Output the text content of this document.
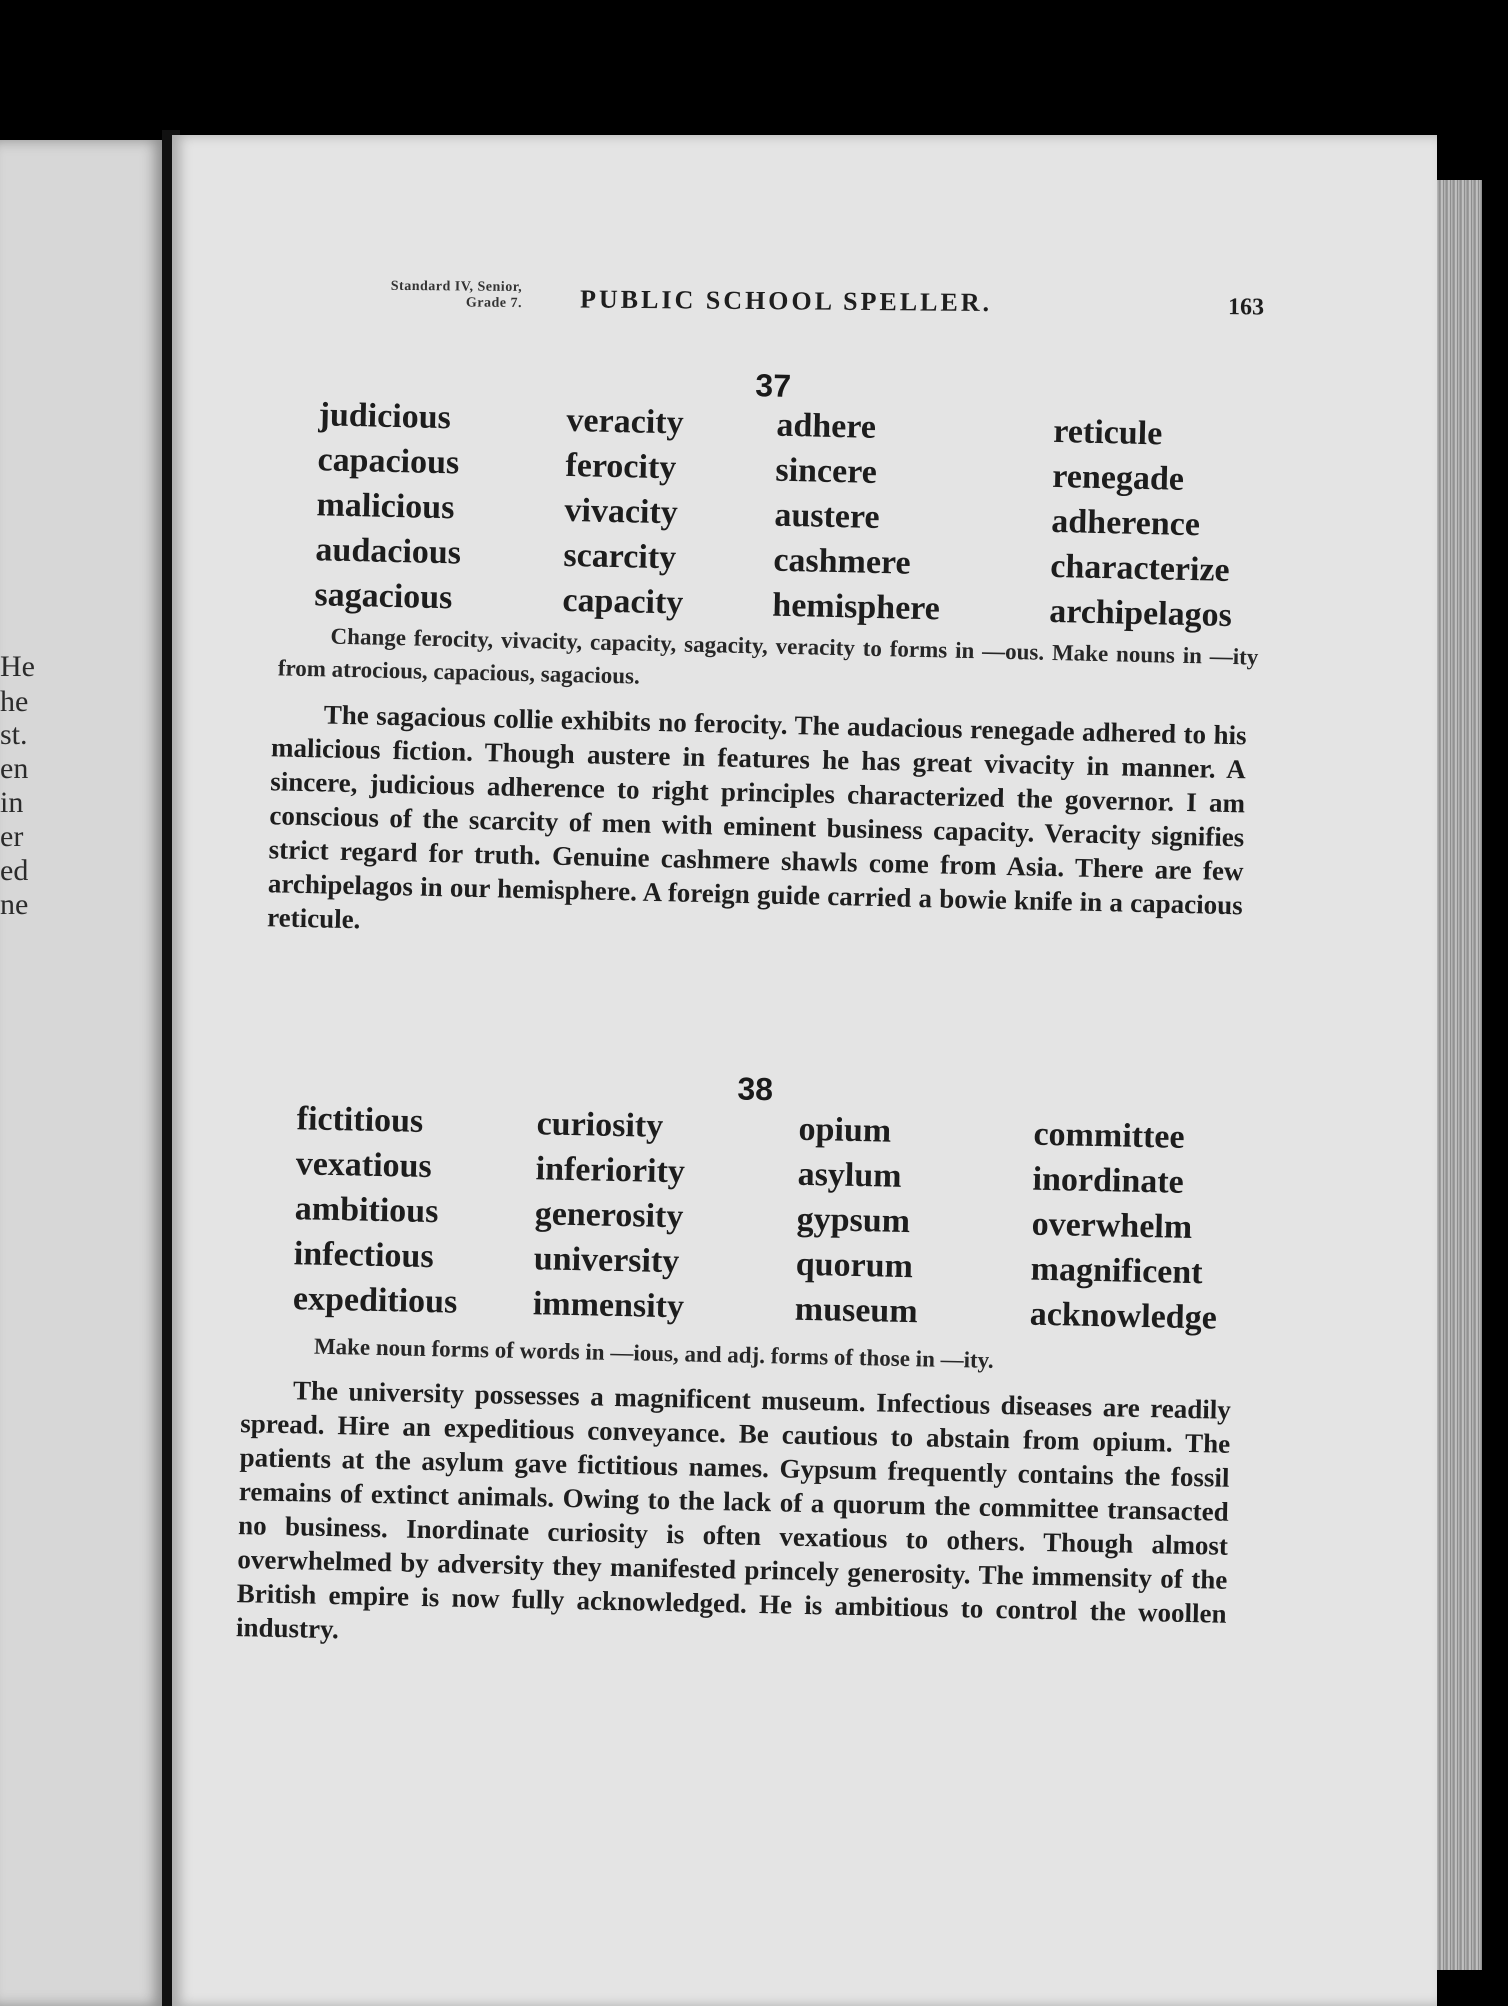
He
he
st.
en
in
er
ed
ne
Standard IV, Senior,
Grade 7. PUBLIC SCHOOL SPELLER.	163
37
judicious
capacious
malicious
audacious
sagacious
veracity
ferocity
vivacity
scarcity
capacity
adhere
sincere
austere
cashmere
hemisphere
reticule
renegade
adherence
characterize
archipelagos
Change ferocity, vivacity, capacity, sagacity, veracity to forms in —ous. Make nouns in —ity from atrocious, capacious, sagacious.
The sagacious collie exhibits no ferocity. The audacious renegade adhered to his malicious fiction. Though austere in features he has great vivacity in manner. A sincere, judicious adherence to right principles characterized the governor. I am conscious of the scarcity of men with eminent business capacity. Veracity signifies strict regard for truth. Genuine cashmere shawls come from Asia. There are few archipelagos in our hemisphere. A foreign guide carried a bowie knife in a capacious reticule.
38
fictitious
vexatious
ambitious
infectious
expeditious
curiosity
inferiority
generosity
university
immensity
opium
asylum
gypsum
quorum
museum
committee
inordinate
overwhelm
magnificent
acknowledge
Make noun forms of words in —ious, and adj. forms of those in —ity.
The university possesses a magnificent museum. Infectious diseases are readily spread. Hire an expeditious conveyance. Be cautious to abstain from opium. The patients at the asylum gave fictitious names. Gypsum frequently contains the fossil remains of extinct animals. Owing to the lack of a quorum the committee transacted no business. Inordinate curiosity is often vexatious to others. Though almost overwhelmed by adversity they manifested princely generosity. The immensity of the British empire is now fully acknowledged. He is ambitious to control the woollen industry.
